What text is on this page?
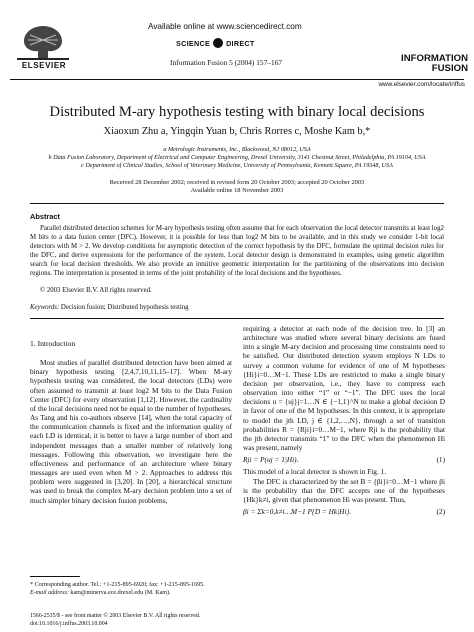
ELSEVIER
Available online at www.sciencedirect.com
SCIENCE DIRECT
Information Fusion 5 (2004) 157–167	INFORMATION
FUSION
www.elsevier.com/locate/inffus
Distributed M-ary hypothesis testing with binary local decisions
Xiaoxun Zhu a, Yingqin Yuan b, Chris Rorres c, Moshe Kam b,*
a Metrologic Instruments, Inc., Blackwood, NJ 08012, USA
b Data Fusion Laboratory, Department of Electrical and Computer Engineering, Drexel University, 3141 Chestnut Street, Philadelphia, PA 19104, USA
c Department of Clinical Studies, School of Veterinary Medicine, University of Pennsylvania, Kennett Square, PA 19348, USA
Received 28 December 2002; received in revised form 20 October 2003; accepted 20 October 2003
Available online 18 November 2003
Abstract
Parallel distributed detection schemes for M-ary hypothesis testing often assume that for each observation the local detector transmits at least log2 M bits to a data fusion center (DFC). However, it is possible for less than log2 M bits to be available, and in this study we consider 1-bit local detectors with M > 2. We develop conditions for asymptotic detection of the correct hypothesis by the DFC, formulate the optimal decision rules for the DFC, and derive expressions for the performance of the system. Local detector design is demonstrated in examples, using genetic algorithm search for local decision thresholds. We also provide an intuitive geometric interpretation for the partitioning of the observations into decision regions. The interpretation is presented in terms of the joint probability of the local decisions and the hypotheses.
© 2003 Elsevier B.V. All rights reserved.
Keywords: Decision fusion; Distributed hypothesis testing
1. Introduction

Most studies of parallel distributed detection have been aimed at binary hypothesis testing [2,4,7,10,11,15–17]. When M-ary hypothesis testing was considered, the local detectors (LDs) were often assumed to transmit at least log2 M bits to the Data Fusion Center (DFC) for every observation [1,12]. However, the cardinality of the local decisions need not be equal to the number of hypotheses. As Tang and his co-authors observe [14], when the total capacity of the communication channels is fixed and the information quality of each LD is identical, it is better to have a large number of short and independent messages than a smaller number of relatively long messages. Following this observation, we investigate here the effectiveness and performance of an architecture where binary messages are used even when M > 2. Approaches to address this problem were suggested in [3,20]. In [20], a hierarchical structure was used to break the complex M-ary decision problem into a set of much simpler binary decision fusion problems,

requiring a detector at each node of the decision tree. In [3] an architecture was studied where several binary decisions are fused into a single M-ary decision and processing time constraints need to be satisfied. Our distributed detection system employs N LDs to survey a common volume for evidence of one of M hypotheses {Hi}i=0…M−1. These LDs are restricted to make a single binary decision per observation, i.e., they have to compress each observation into either “1” or “−1”. The DFC uses the local decisions u = {uj}j=1…N ∈ {−1,1}^N to make a global decision D in favor of one of the M hypotheses. In this context, it is appropriate to model the jth LD, j ∈ {1,2,…,N}, through a set of transition probabilities R = {Rji}i=0…M−1, where Rji is the probability that the jth detector transmits “1” to the DFC when the phenomenon Hi was present, namely

Rji = P(uj = 1|Hi).	(1)

This model of a local detector is shown in Fig. 1.

The DFC is characterized by the set B = {βi}i=0…M−1 where βi is the probability that the DFC accepts one of the hypotheses {Hk}k≠i, given that phenomenon Hi was present. Thus,

βi = Σk=0,k≠i…M−1 P{D = Hk|Hi}.	(2)
* Corresponding author. Tel.: +1-215-895-6920; fax: +1-215-895-1695.
E-mail address: kam@minerva.ece.drexel.edu (M. Kam).
1566-2535/$ - see front matter © 2003 Elsevier B.V. All rights reserved.
doi:10.1016/j.inffus.2003.10.004
